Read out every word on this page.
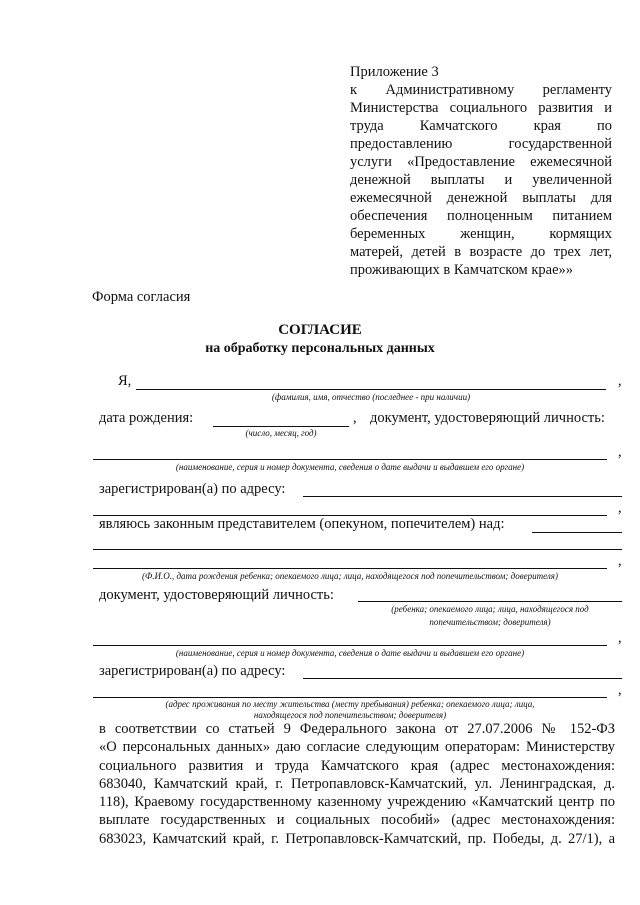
Приложение 3
к Административному регламенту
Министерства социального развития и
труда Камчатского края по
предоставлению государственной
услуги «Предоставление ежемесячной
денежной выплаты и увеличенной
ежемесячной денежной выплаты для
обеспечения полноценным питанием
беременных женщин, кормящих
матерей, детей в возрасте до трех лет,
проживающих в Камчатском крае»»
Форма согласия
СОГЛАСИЕ
на обработку персональных данных
Я,	,
(фамилия, имя, отчество (последнее - при наличии)
дата рождения:	, документ, удостоверяющий личность:
(число, месяц, год)
,
(наименование, серия и номер документа, сведения о дате выдачи и выдавшем его органе)
зарегистрирован(а) по адресу:
,
являюсь законным представителем (опекуном, попечителем) над:
,
(Ф.И.О., дата рождения ребенка; опекаемого лица; лица, находящегося под попечительством; доверителя)
документ, удостоверяющий личность:
(ребенка; опекаемого лица; лица, находящегося под
попечительством; доверителя)
,
(наименование, серия и номер документа, сведения о дате выдачи и выдавшем его органе)
зарегистрирован(а) по адресу:
,
(адрес проживания по месту жительства (месту пребывания) ребенка; опекаемого лица; лица,
находящегося под попечительством; доверителя)
в соответствии со статьей 9 Федерального закона от 27.07.2006 № 152-ФЗ
«О персональных данных» даю согласие следующим операторам: Министерству
социального развития и труда Камчатского края (адрес местонахождения:
683040, Камчатский край, г. Петропавловск-Камчатский, ул. Ленинградская, д.
118), Краевому государственному казенному учреждению «Камчатский центр по
выплате государственных и социальных пособий» (адрес местонахождения:
683023, Камчатский край, г. Петропавловск-Камчатский, пр. Победы, д. 27/1), а
